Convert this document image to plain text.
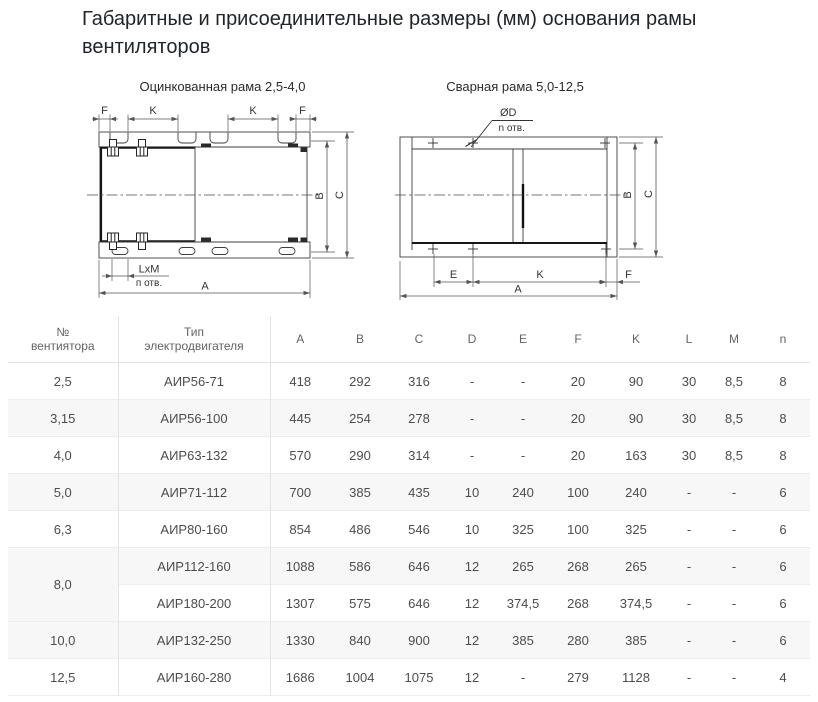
Габаритные и присоединительные размеры (мм) основания рамы вентиляторов
Оцинкованная рама 2,5-4,0	Сварная рама 5,0-12,5
F	K	K	F
B C
LxM
п отв.	A
ØD
n отв.
B C
E	K	F
A
№
вентиятора

Тип
электродвигателя	A	B	C	D	E	F	K	L	M	n
2,5	АИР56-71	418	292	316	-	-	20	90	30	8,5	8
3,15	АИР56-100	445	254	278	-	-	20	90	30	8,5	8
4,0	АИР63-132	570	290	314	-	-	20	163	30	8,5	8
5,0	АИР71-112	700	385	435	10	240	100	240	-	-	6
6,3	АИР80-160	854	486	546	10	325	100	325	-	-	6
8,0	АИР112-160	1088	586	646	12	265	268	265	-	-	6
	АИР180-200	1307	575	646	12	374,5	268	374,5	-	-	6
10,0	АИР132-250	1330	840	900	12	385	280	385	-	-	6
12,5	АИР160-280	1686	1004	1075	12	-	279	1128	-	-	4
